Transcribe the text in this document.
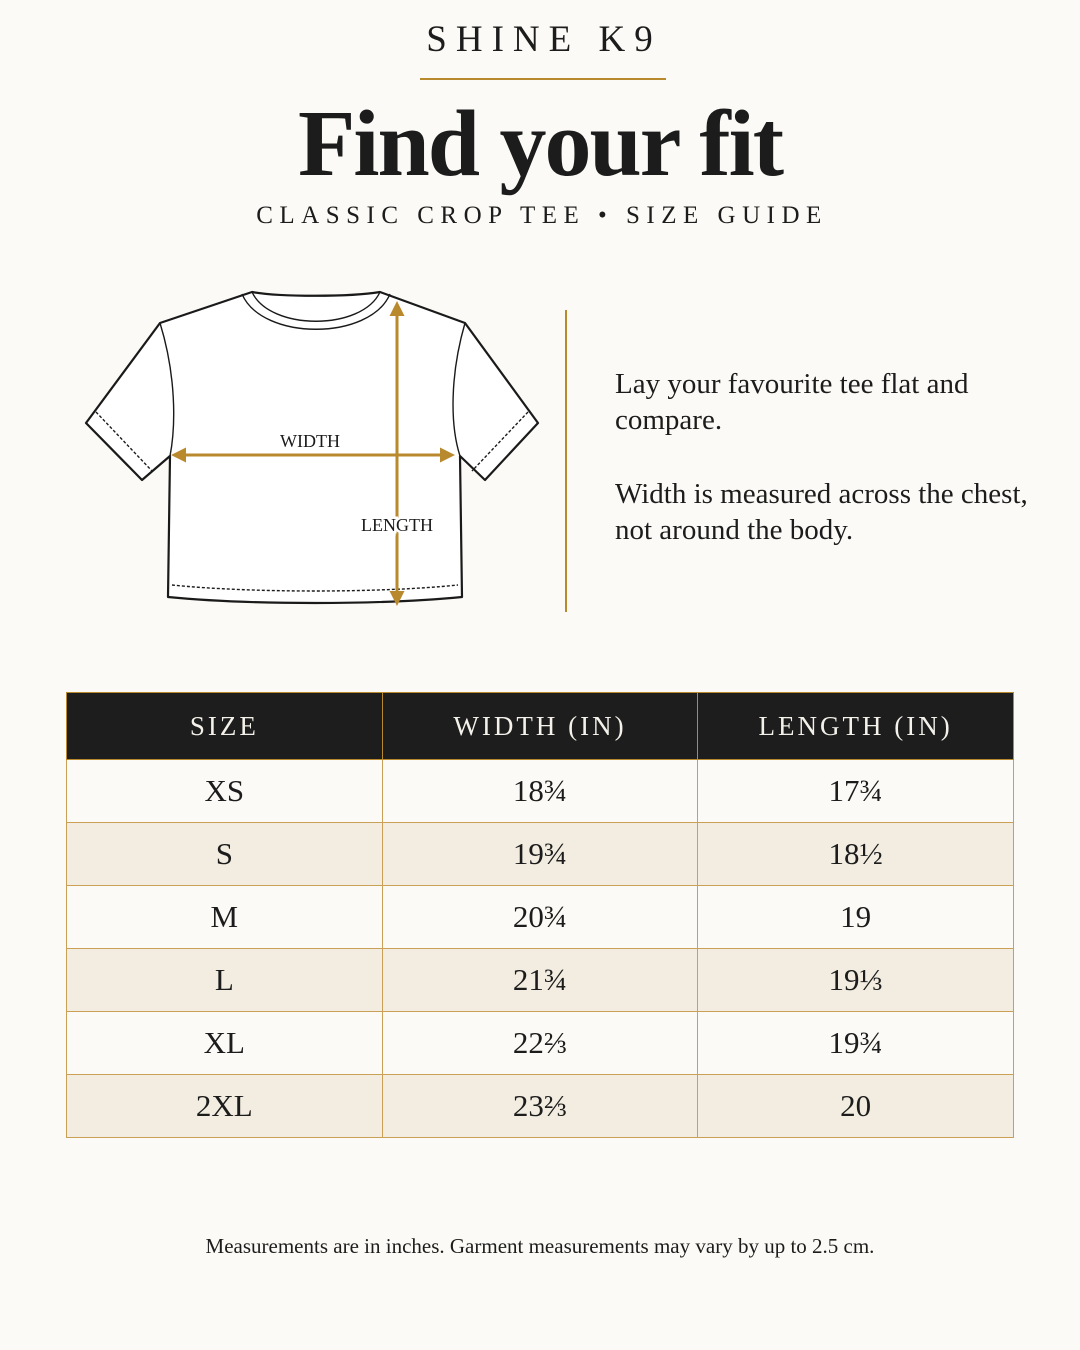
SHINE K9
Find your fit
CLASSIC CROP TEE • SIZE GUIDE
WIDTH
LENGTH

Lay your favourite tee flat and compare.

Width is measured across the chest, not around the body.

SIZE	WIDTH (IN)	LENGTH (IN)
XS	18¾	17¾
S	19¾	18½
M	20¾	19
L	21¾	19⅓
XL	22⅔	19¾
2XL	23⅔	20
Measurements are in inches. Garment measurements may vary by up to 2.5 cm.
